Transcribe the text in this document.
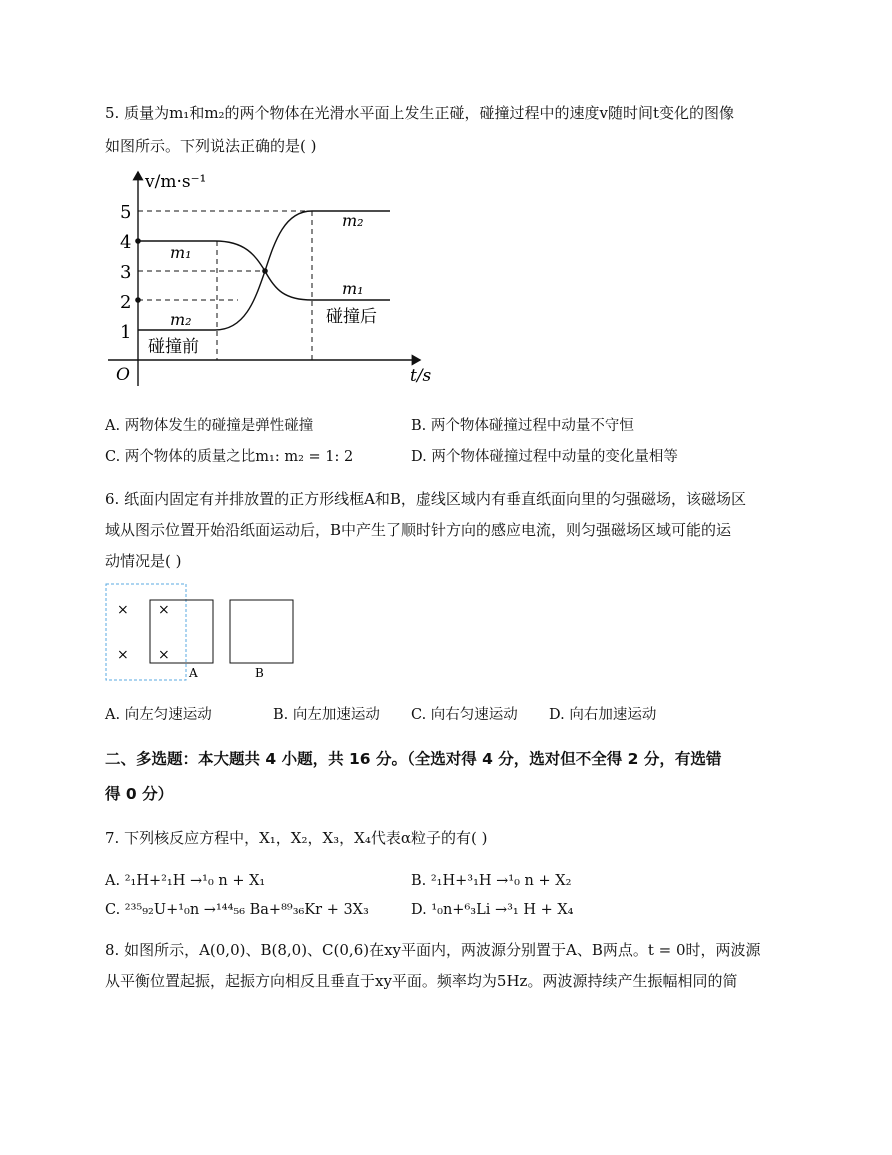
5. 质量为m₁和m₂的两个物体在光滑水平面上发生正碰，碰撞过程中的速度v随时间t变化的图像
如图所示。下列说法正确的是( )
v/m·s⁻¹
t/s
O
1
2
3
4
5
m₁
m₂
m₂
m₁
碰撞前
碰撞后
A. 两物体发生的碰撞是弹性碰撞	B. 两个物体碰撞过程中动量不守恒
C. 两个物体的质量之比m₁: m₂ = 1: 2	D. 两个物体碰撞过程中动量的变化量相等
6. 纸面内固定有并排放置的正方形线框A和B，虚线区域内有垂直纸面向里的匀强磁场，该磁场区
域从图示位置开始沿纸面运动后，B中产生了顺时针方向的感应电流，则匀强磁场区域可能的运
动情况是( )
× ×
× ×
A	B
A. 向左匀速运动	B. 向左加速运动 C. 向右匀速运动 D. 向右加速运动
二、多选题：本大题共 4 小题，共 16 分。（全选对得 4 分，选对但不全得 2 分，有选错
得 0 分）
7. 下列核反应方程中，X₁，X₂，X₃，X₄代表α粒子的有( )
A. ²₁H+²₁H →¹₀ n + X₁	B. ²₁H+³₁H →¹₀ n + X₂
C. ²³⁵₉₂U+¹₀n →¹⁴⁴₅₆ Ba+⁸⁹₃₆Kr + 3X₃	D. ¹₀n+⁶₃Li →³₁ H + X₄
8. 如图所示，A(0,0)、B(8,0)、C(0,6)在xy平面内，两波源分别置于A、B两点。t = 0时，两波源
从平衡位置起振，起振方向相反且垂直于xy平面。频率均为5Hz。两波源持续产生振幅相同的简
